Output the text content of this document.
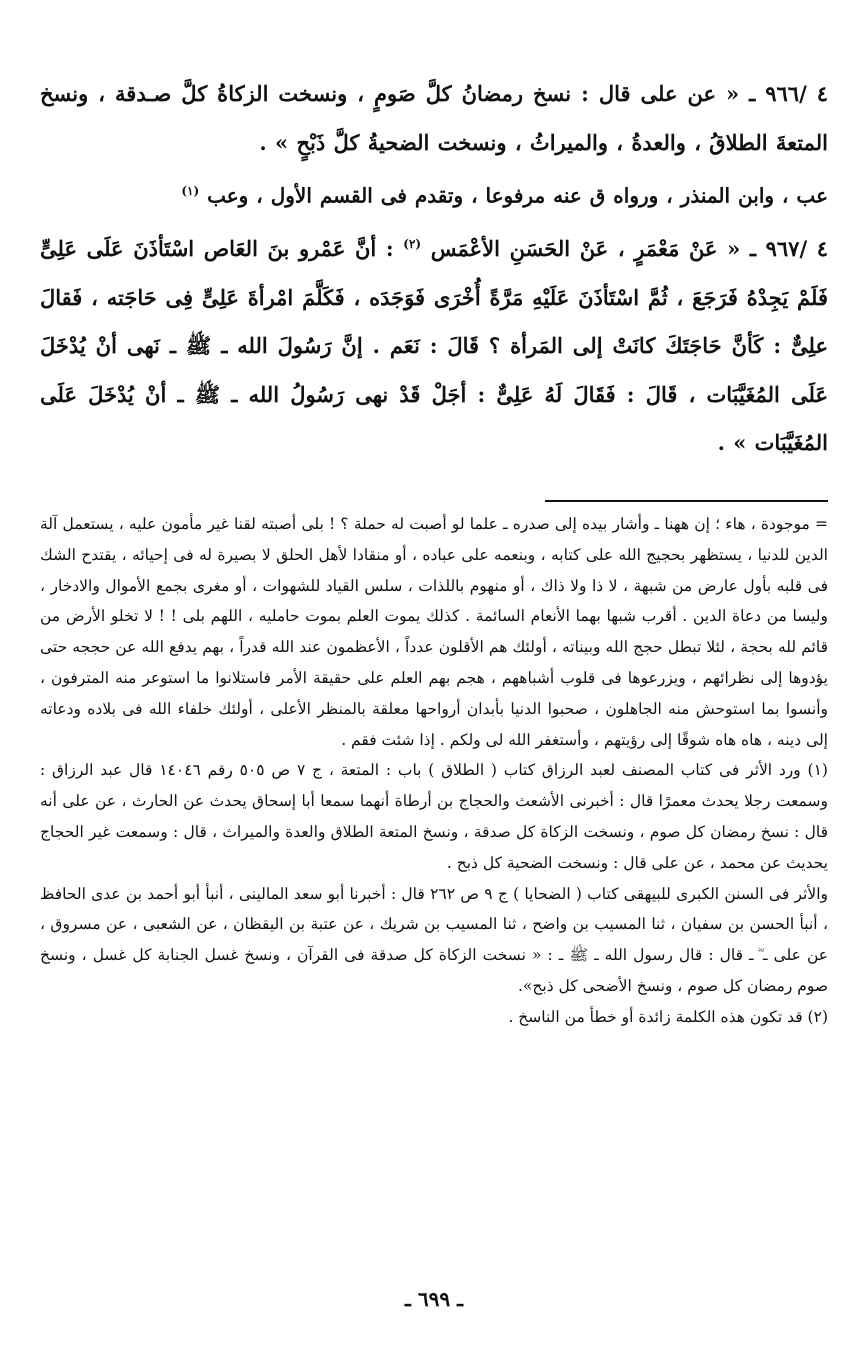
٤ /٩٦٦ ـ « عن على قال : نسخ رمضانُ كلَّ صَومٍ ، ونسخت الزكاةُ كلَّ صـدقة ، ونسخ المتعةَ الطلاقُ ، والعدةُ ، والميراثُ ، ونسخت الضحيةُ كلَّ ذَبْحٍ » .

عب ، وابن المنذر ، ورواه ق عنه مرفوعا ، وتقدم فى القسم الأول ، وعب $^{(١)}$

٤ /٩٦٧ ـ « عَنْ مَعْمَرٍ ، عَنْ الحَسَنِ الأعْمَس $^{(٢)}$ : أنَّ عَمْرو بنَ العَاص اسْتَأذَنَ عَلَى عَلِىٍّ فَلَمْ يَجِدْهُ فَرَجَعَ ، ثُمَّ اسْتَأذَنَ عَلَيْهِ مَرَّةً أُخْرَى فَوَجَدَه ، فَكَلَّمَ امْرأةَ عَلِىٍّ فِى حَاجَته ، فَقالَ علِىٌّ : كَأنَّ حَاجَتَكَ كانَتْ إلى المَرأة ؟ قَالَ : نَعَم . إنَّ رَسُولَ الله ـ ﷺ ـ نَهى أنْ يُدْخَلَ عَلَى المُغَيَّبَات ، قَالَ : فَقَالَ لَهُ عَلِىٌّ : أجَلْ قَدْ نهى رَسُولُ الله ـ ﷺ ـ أنْ يُدْخَلَ عَلَى المُغَيَّبَات » .

= موجودة ، هاء ؛ إن ههنا ـ وأشار بيده إلى صدره ـ علما لو أصبت له حملة ؟ ! بلى أصبته لقنا غير مأمون عليه ، يستعمل آلة الدين للدنيا ، يستظهر بحجيج الله على كتابه ، وبنعمه على عباده ، أو منقادا لأهل الحلق لا بصيرة له فى إحيائه ، يقتدح الشك فى قلبه بأول عارض من شبهة ، لا ذا ولا ذاك ، أو منهوم باللذات ، سلس القياد للشهوات ، أو مغرى بجمع الأموال والادخار ، وليسا من دعاة الدين . أقرب شبها بهما الأنعام السائمة . كذلك يموت العلم بموت حامليه ، اللهم بلى ! ! لا تخلو الأرض من قائم لله بحجة ، لئلا تبطل حجج الله وبيناته ، أولئك هم الأقلون عدداً ، الأعظمون عند الله قدراً ، بهم يدفع الله عن حججه حتى يؤدوها إلى نظرائهم ، ويزرعوها فى قلوب أشباههم ، هجم بهم العلم على حقيقة الأمر فاستلانوا ما استوعر منه المترفون ، وأنسوا بما استوحش منه الجاهلون ، صحبوا الدنيا بأبدان أرواحها معلقة بالمنظر الأعلى ، أولئك خلفاء الله فى بلاده ودعاته إلى دينه ، هاه هاه شوقًا إلى رؤيتهم ، وأستغفر الله لى ولكم . إذا شئت فقم .

(١) ورد الأثر فى كتاب المصنف لعبد الرزاق كتاب ( الطلاق ) باب : المتعة ، ج ٧ ص ٥٠٥ رقم ١٤٠٤٦ قال عبد الرزاق : وسمعت رجلا يحدث معمرًا قال : أخبرنى الأشعث والحجاج بن أرطاة أنهما سمعا أبا إسحاق يحدث عن الحارث ، عن على أنه قال : نسخ رمضان كل صوم ، ونسخت الزكاة كل صدقة ، ونسخ المتعة الطلاق والعدة والميراث ، قال : وسمعت غير الحجاج يحديث عن محمد ، عن على قال : ونسخت الضحية كل ذبح .

والأثر فى السنن الكبرى للبيهقى كتاب ( الضحايا ) ج ٩ ص ٢٦٢ قال : أخبرنا أبو سعد المالينى ، أنبأ أبو أحمد بن عدى الحافظ ، أنبأ الحسن بن سفيان ، ثنا المسيب بن واضح ، ثنا المسيب بن شريك ، عن عتبة بن اليقظان ، عن الشعبى ، عن مسروق ، عن على ـ ؓ ـ قال : قال رسول الله ـ ﷺ ـ : « نسخت الزكاة كل صدقة فى القرآن ، ونسخ غسل الجنابة كل غسل ، ونسخ صوم رمضان كل صوم ، ونسخ الأضحى كل ذبح».

(٢) قد تكون هذه الكلمة زائدة أو خطأ من الناسخ .

ـ ٦٩٩ ـ
